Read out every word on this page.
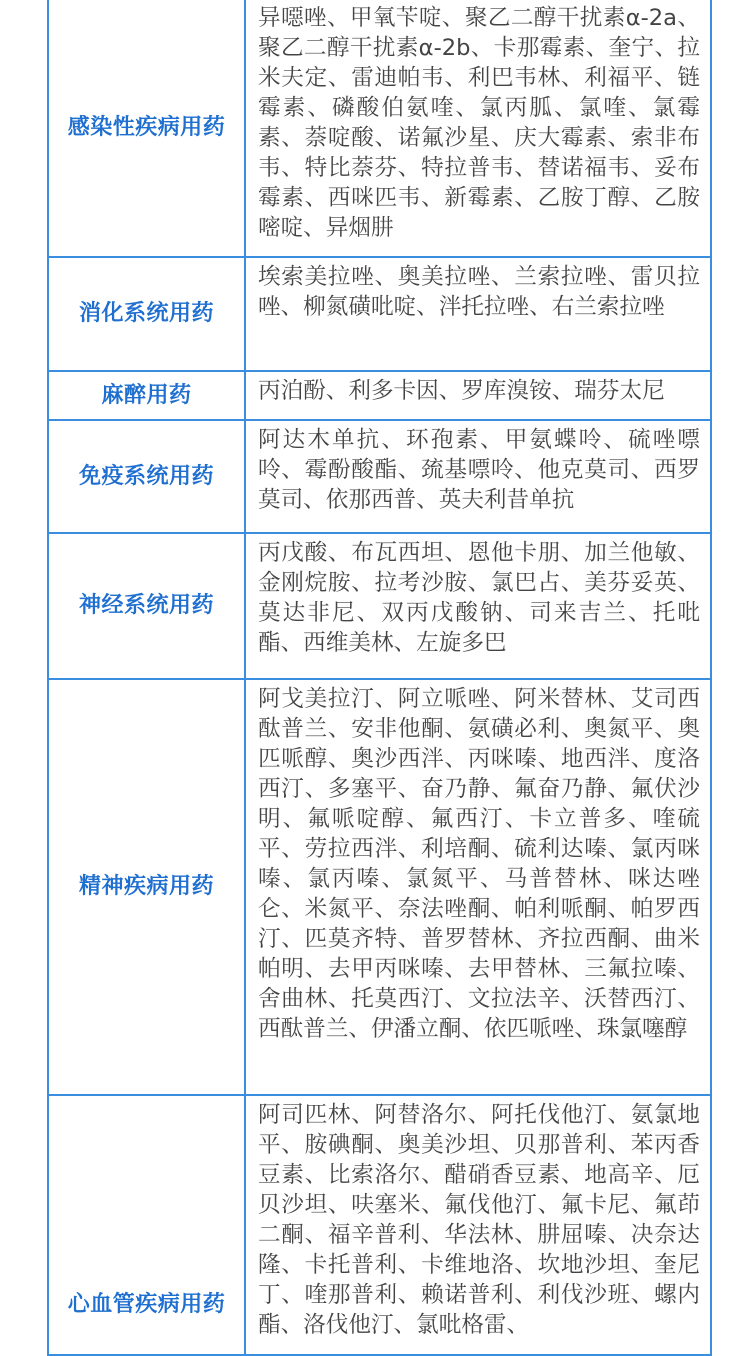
感染性疾病用药	异噁唑、甲氧苄啶、聚乙二醇干扰素α-2a、聚乙二醇干扰素α-2b、卡那霉素、奎宁、拉米夫定、雷迪帕韦、利巴韦林、利福平、链霉素、磷酸伯氨喹、氯丙胍、氯喹、氯霉素、萘啶酸、诺氟沙星、庆大霉素、索非布韦、特比萘芬、特拉普韦、替诺福韦、妥布霉素、西咪匹韦、新霉素、乙胺丁醇、乙胺嘧啶、异烟肼
消化系统用药	埃索美拉唑、奥美拉唑、兰索拉唑、雷贝拉唑、柳氮磺吡啶、泮托拉唑、右兰索拉唑
麻醉用药	丙泊酚、利多卡因、罗库溴铵、瑞芬太尼
免疫系统用药	阿达木单抗、环孢素、甲氨蝶呤、硫唑嘌呤、霉酚酸酯、巯基嘌呤、他克莫司、西罗莫司、依那西普、英夫利昔单抗
神经系统用药	丙戊酸、布瓦西坦、恩他卡朋、加兰他敏、金刚烷胺、拉考沙胺、氯巴占、美芬妥英、莫达非尼、双丙戊酸钠、司来吉兰、托吡酯、西维美林、左旋多巴
精神疾病用药	阿戈美拉汀、阿立哌唑、阿米替林、艾司西酞普兰、安非他酮、氨磺必利、奥氮平、奥匹哌醇、奥沙西泮、丙咪嗪、地西泮、度洛西汀、多塞平、奋乃静、氟奋乃静、氟伏沙明、氟哌啶醇、氟西汀、卡立普多、喹硫平、劳拉西泮、利培酮、硫利达嗪、氯丙咪嗪、氯丙嗪、氯氮平、马普替林、咪达唑仑、米氮平、奈法唑酮、帕利哌酮、帕罗西汀、匹莫齐特、普罗替林、齐拉西酮、曲米帕明、去甲丙咪嗪、去甲替林、三氟拉嗪、舍曲林、托莫西汀、文拉法辛、沃替西汀、西酞普兰、伊潘立酮、依匹哌唑、珠氯噻醇
心血管疾病用药	阿司匹林、阿替洛尔、阿托伐他汀、氨氯地平、胺碘酮、奥美沙坦、贝那普利、苯丙香豆素、比索洛尔、醋硝香豆素、地高辛、厄贝沙坦、呋塞米、氟伐他汀、氟卡尼、氟茚二酮、福辛普利、华法林、肼屈嗪、决奈达隆、卡托普利、卡维地洛、坎地沙坦、奎尼丁、喹那普利、赖诺普利、利伐沙班、螺内酯、洛伐他汀、氯吡格雷、
